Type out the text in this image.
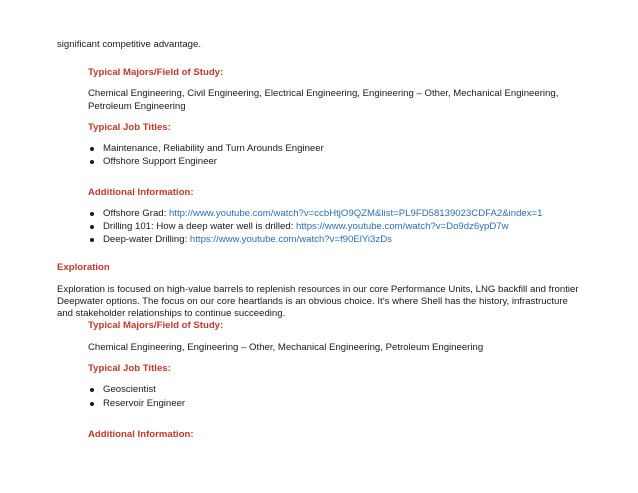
significant competitive advantage.
Typical Majors/Field of Study:
Chemical Engineering, Civil Engineering, Electrical Engineering, Engineering – Other, Mechanical Engineering,
Petroleum Engineering
Typical Job Titles:
Maintenance, Reliability and Turn Arounds Engineer
Offshore Support Engineer
Additional Information:
Offshore Grad: http://www.youtube.com/watch?v=ccbHtjO9QZM&list=PL9FD58139023CDFA2&index=1
Drilling 101: How a deep water well is drilled: https://www.youtube.com/watch?v=Do9dz6ypD7w
Deep-water Drilling: https://www.youtube.com/watch?v=f90ElYi3zDs
Exploration
Exploration is focused on high-value barrels to replenish resources in our core Performance Units, LNG backfill and frontier
Deepwater options. The focus on our core heartlands is an obvious choice. It’s where Shell has the history, infrastructure
and stakeholder relationships to continue succeeding.
Typical Majors/Field of Study:
Chemical Engineering, Engineering – Other, Mechanical Engineering, Petroleum Engineering
Typical Job Titles:
Geoscientist
Reservoir Engineer
Additional Information:
